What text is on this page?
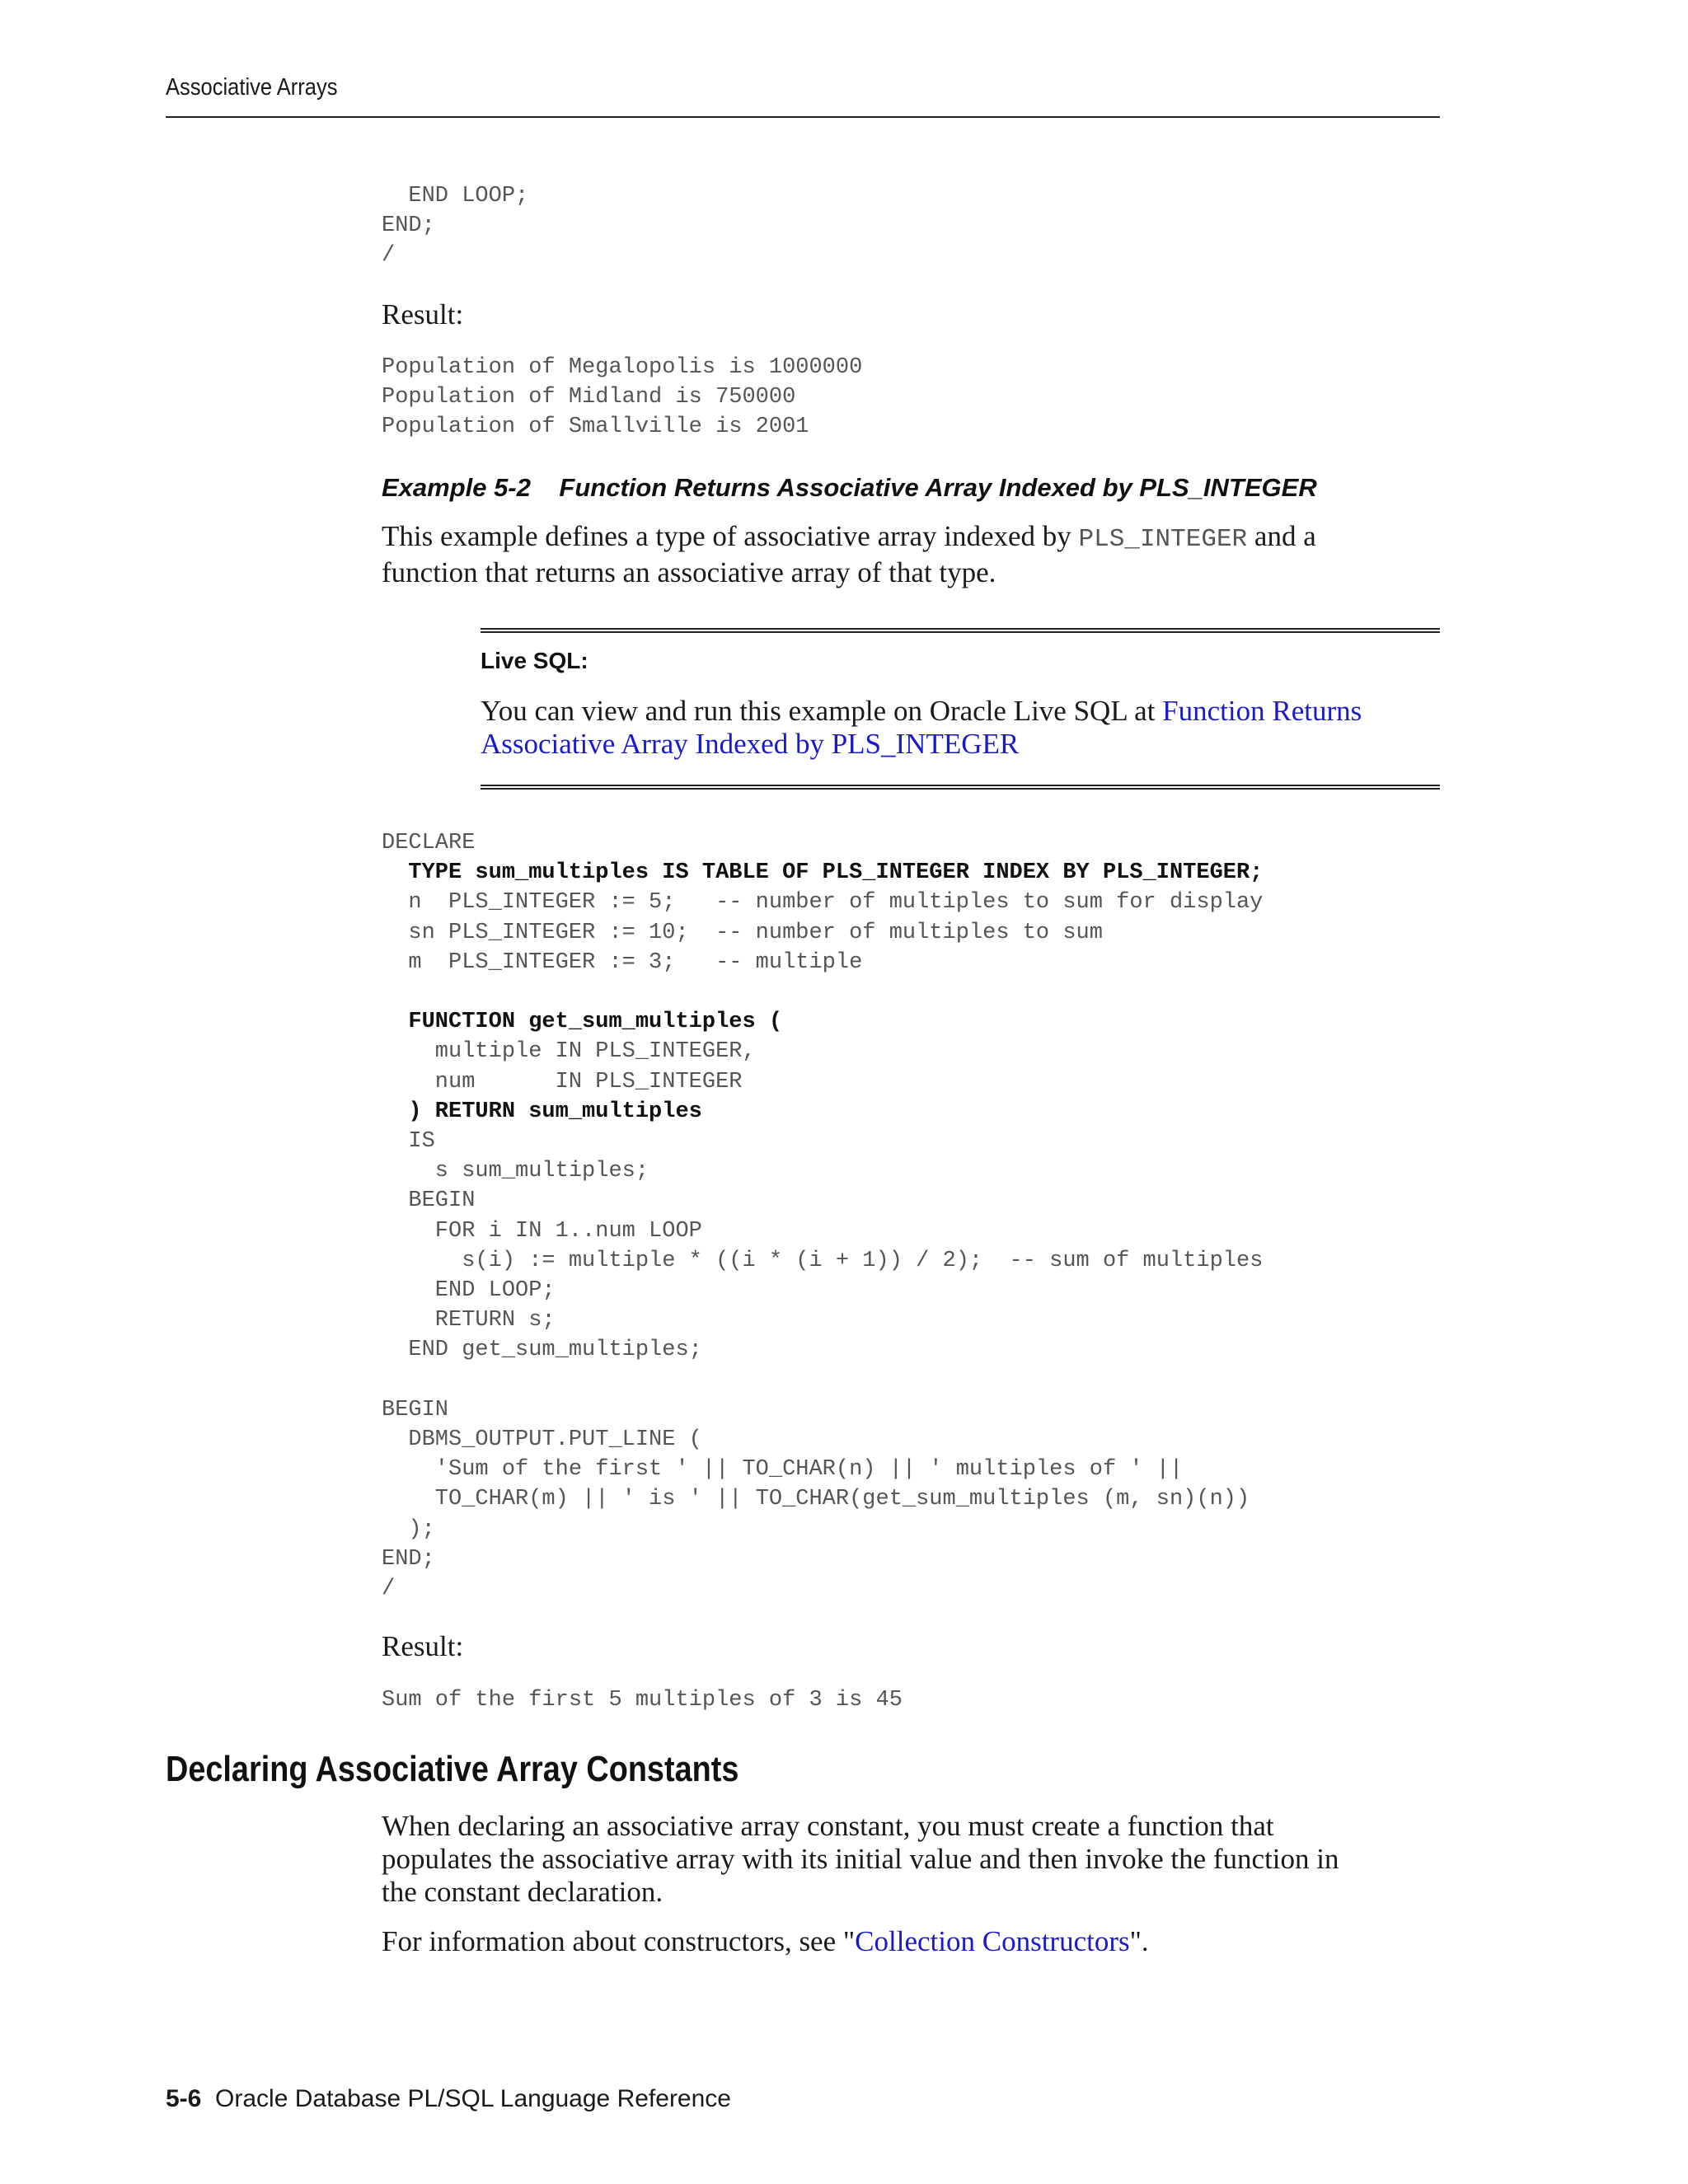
Associative Arrays
END LOOP;
END;
/
Result:
Population of Megalopolis is 1000000
Population of Midland is 750000
Population of Smallville is 2001
Example 5-2 Function Returns Associative Array Indexed by PLS_INTEGER
This example defines a type of associative array indexed by PLS_INTEGER and a
function that returns an associative array of that type.
Live SQL:
You can view and run this example on Oracle Live SQL at Function Returns
Associative Array Indexed by PLS_INTEGER
DECLARE
TYPE sum_multiples IS TABLE OF PLS_INTEGER INDEX BY PLS_INTEGER;
n  PLS_INTEGER := 5;   -- number of multiples to sum for display
sn PLS_INTEGER := 10;  -- number of multiples to sum
m  PLS_INTEGER := 3;   -- multiple

FUNCTION get_sum_multiples (
multiple IN PLS_INTEGER,
num      IN PLS_INTEGER
) RETURN sum_multiples
IS
s sum_multiples;
BEGIN
FOR i IN 1..num LOOP
s(i) := multiple * ((i * (i + 1)) / 2);  -- sum of multiples
END LOOP;
RETURN s;
END get_sum_multiples;

BEGIN
DBMS_OUTPUT.PUT_LINE (
'Sum of the first ' || TO_CHAR(n) || ' multiples of ' ||
TO_CHAR(m) || ' is ' || TO_CHAR(get_sum_multiples (m, sn)(n))
);
END;
/
Result:
Sum of the first 5 multiples of 3 is 45
Declaring Associative Array Constants
When declaring an associative array constant, you must create a function that
populates the associative array with its initial value and then invoke the function in
the constant declaration.
For information about constructors, see "Collection Constructors".
5-6 Oracle Database PL/SQL Language Reference
